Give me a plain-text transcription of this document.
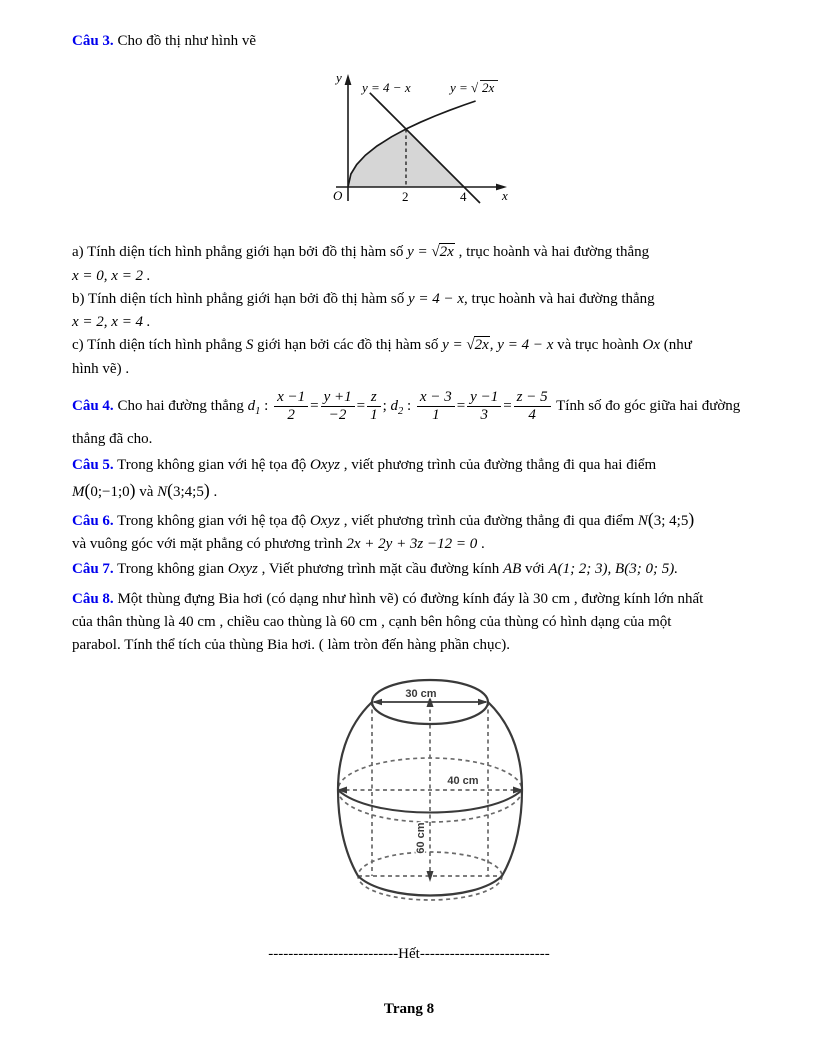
Câu 3. Cho đồ thị như hình vẽ
y
x
O	2	4
y = 4 − x	y = √ 2x
a) Tính diện tích hình phẳng giới hạn bởi đồ thị hàm số y = √2x , trục hoành và hai đường thẳng
x = 0, x = 2 .
b) Tính diện tích hình phẳng giới hạn bởi đồ thị hàm số y = 4 − x, trục hoành và hai đường thẳng
x = 2, x = 4 .
c) Tính diện tích hình phẳng S giới hạn bởi các đồ thị hàm số y = √2x, y = 4 − x và trục hoành Ox (như
hình vẽ) .
Câu 4. Cho hai đường thẳng $d_1$ : $\frac{x -1}{2} = \frac{y +1}{-2} = \frac{z}{1}$ ; $d_2$ : $\frac{x - 3}{1} = \frac{y -1}{3} = \frac{z - 5}{4}$ Tính số đo góc giữa hai đường
thẳng đã cho.
Câu 5. Trong không gian với hệ tọa độ Oxyz , viết phương trình của đường thẳng đi qua hai điểm
M(0;−1;0) và N(3;4;5) .
Câu 6. Trong không gian với hệ tọa độ Oxyz , viết phương trình của đường thẳng đi qua điểm N(3; 4;5)
và vuông góc với mặt phẳng có phương trình 2x + 2y + 3z −12 = 0 .
Câu 7. Trong không gian Oxyz , Viết phương trình mặt cầu đường kính AB với A(1; 2; 3), B(3; 0; 5).
Câu 8. Một thùng đựng Bia hơi (có dạng như hình vẽ) có đường kính đáy là 30 cm , đường kính lớn nhất
của thân thùng là 40 cm , chiều cao thùng là 60 cm , cạnh bên hông của thùng có hình dạng của một
parabol. Tính thể tích của thùng Bia hơi. ( làm tròn đến hàng phần chục).
30 cm
40 cm
60 cm
--------------------------Hết--------------------------
Trang 8
